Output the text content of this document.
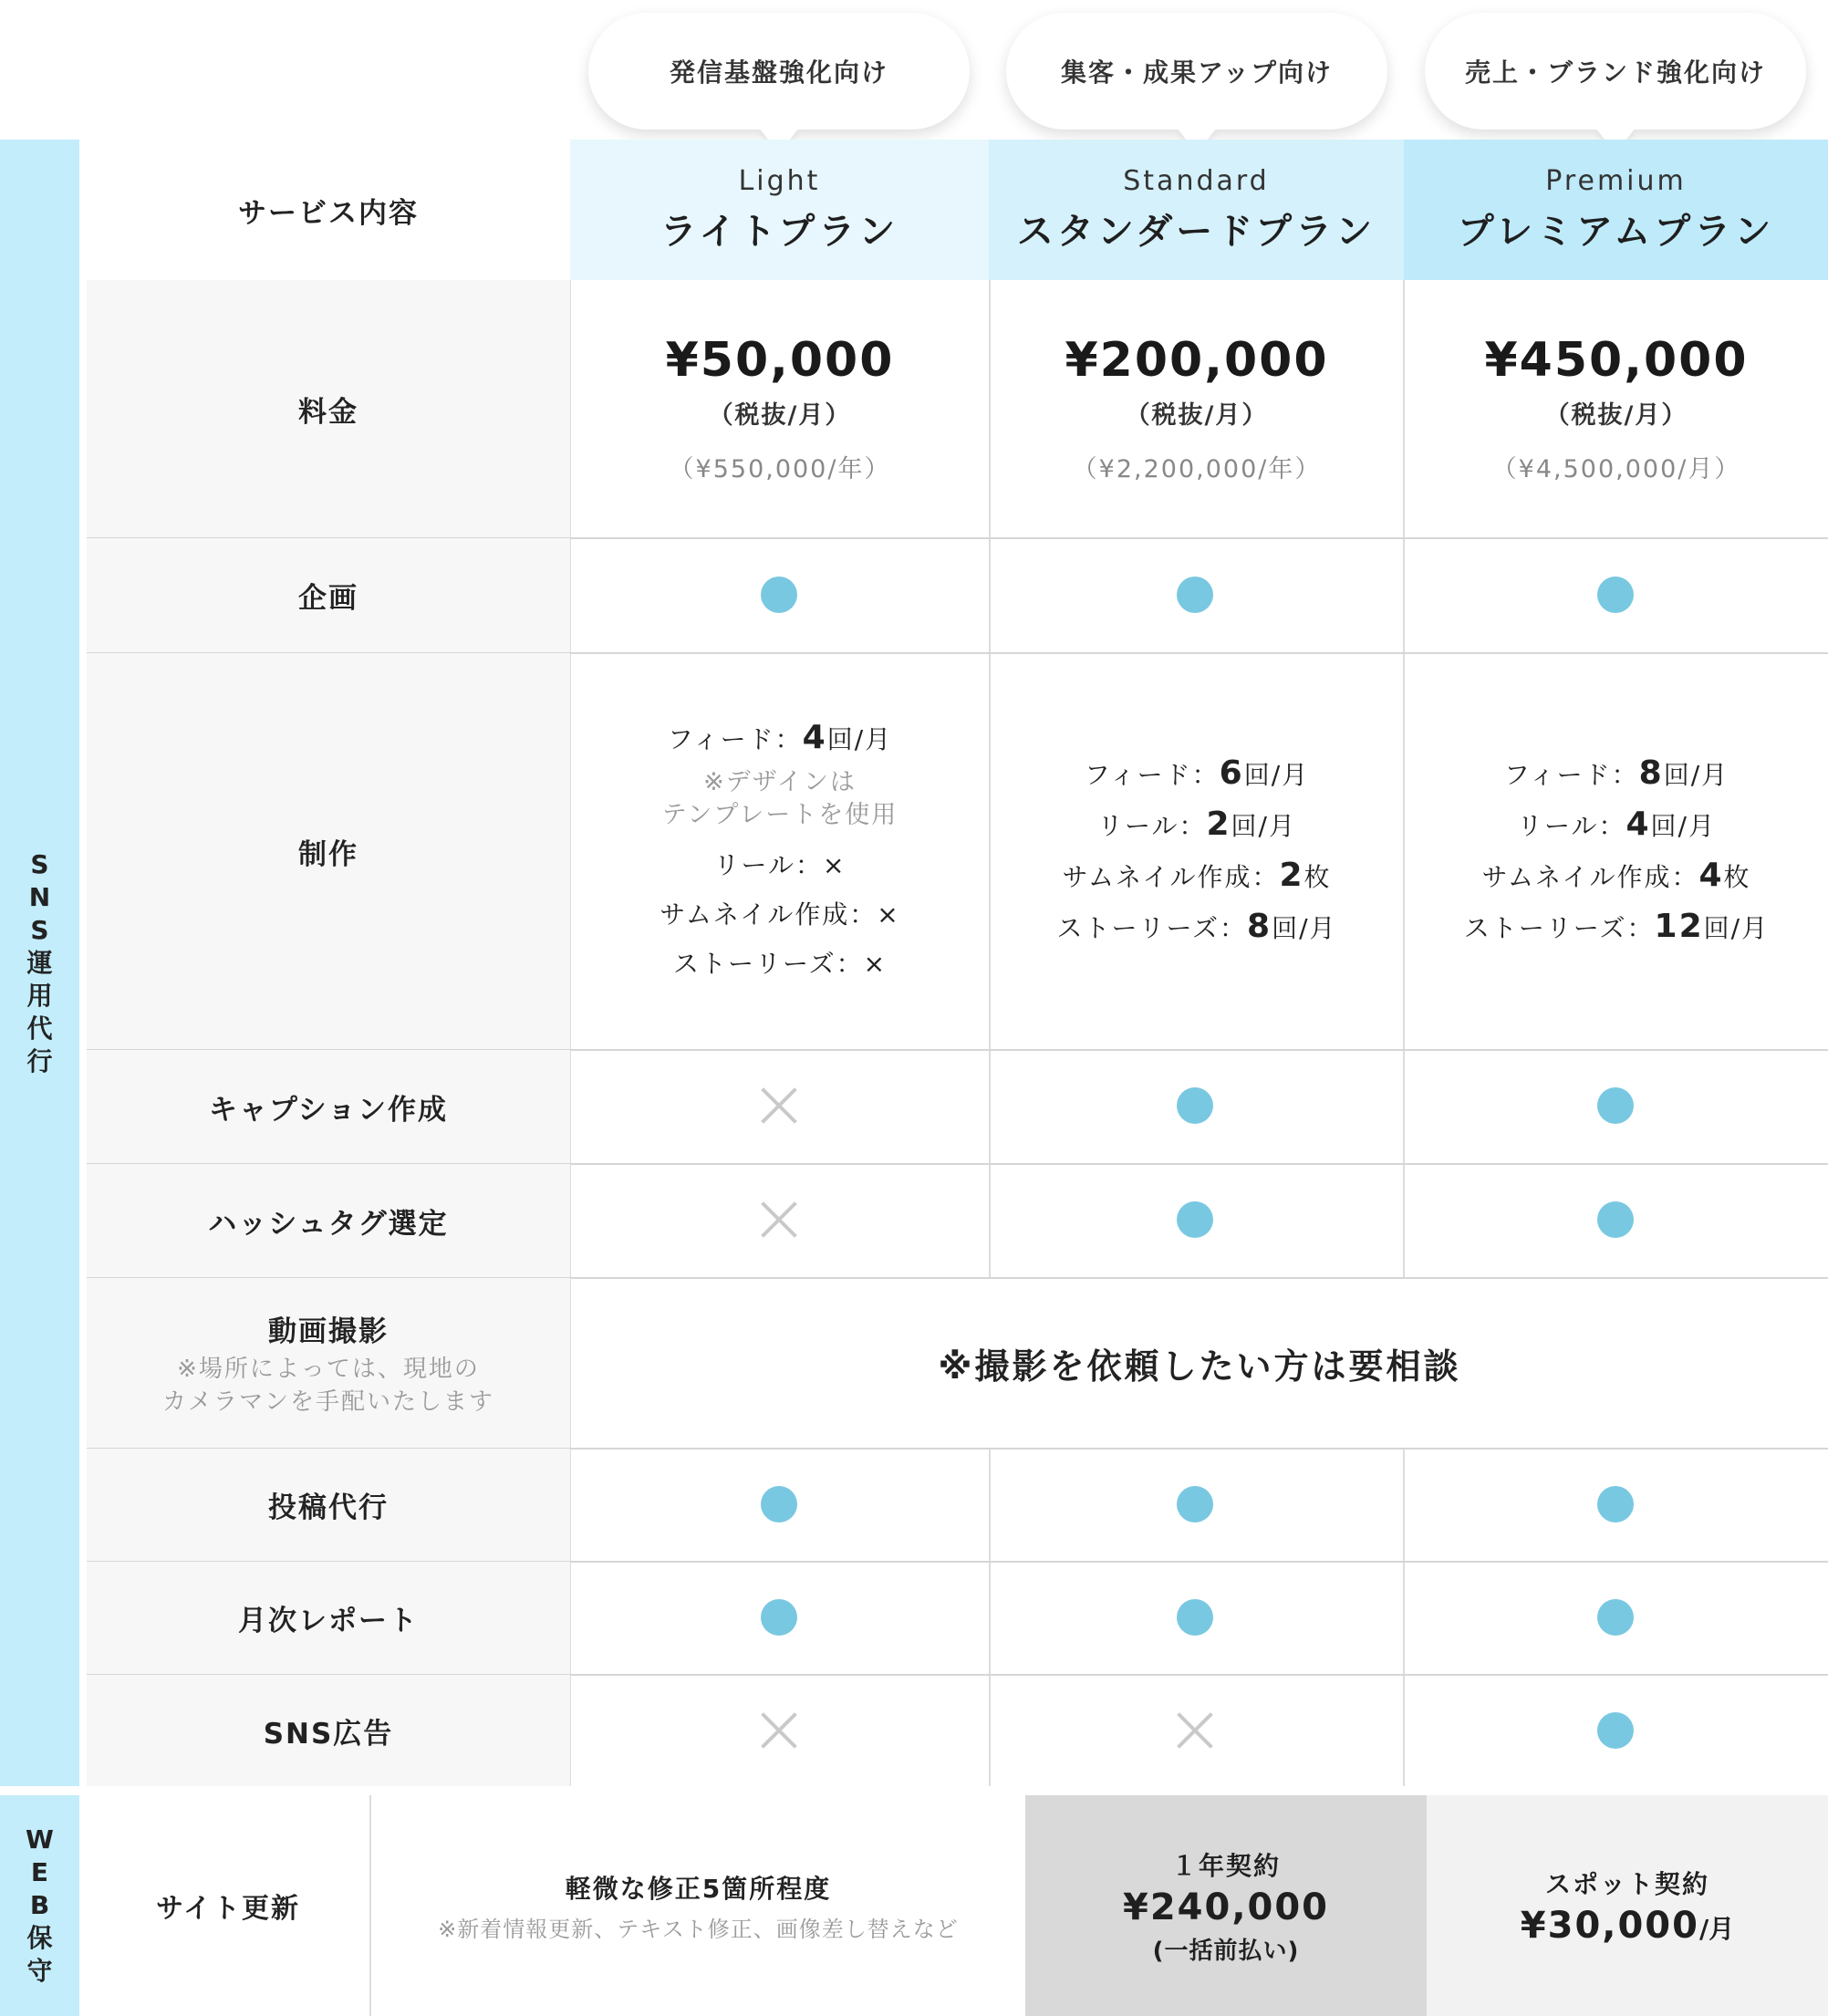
発信基盤強化向け	集客・成果アップ向け	売上・ブランド強化向け
S
N
S
運
用
代
行
W
E
B
保
守
サービス内容
Light
ライトプラン
Standard
スタンダードプラン
Premium
プレミアムプラン
料金
企画
制作
キャプション作成
ハッシュタグ選定
動画撮影
※場所によっては、現地の
カメラマンを手配いたします
投稿代行
月次レポート
SNS広告
¥50,000
（税抜/月）
（¥550,000/年）
¥200,000
（税抜/月）
（¥2,200,000/年）
¥450,000
（税抜/月）
（¥4,500,000/月）
フィード：4回/月
※デザインは
テンプレートを使用
リール：×
サムネイル作成：×
ストーリーズ：×
フィード：6回/月
リール：2回/月
サムネイル作成：2枚
ストーリーズ：8回/月
フィード：8回/月
リール：4回/月
サムネイル作成：4枚
ストーリーズ：12回/月
※撮影を依頼したい方は要相談
サイト更新
軽微な修正5箇所程度
※新着情報更新、テキスト修正、画像差し替えなど
１年契約
¥240,000
(一括前払い)
スポット契約
¥30,000/月
